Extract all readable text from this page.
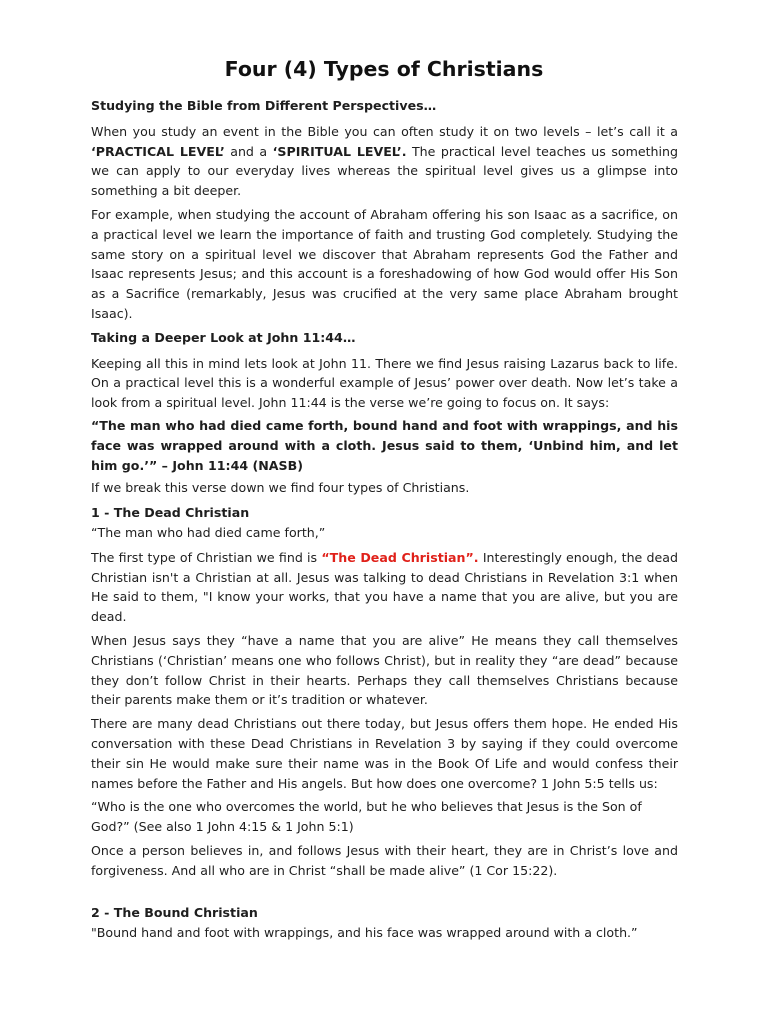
Four (4) Types of Christians

Studying the Bible from Different Perspectives…

When you study an event in the Bible you can often study it on two levels – let’s call it a ‘PRACTICAL LEVEL’ and a ‘SPIRITUAL LEVEL’. The practical level teaches us something we can apply to our everyday lives whereas the spiritual level gives us a glimpse into something a bit deeper.

For example, when studying the account of Abraham offering his son Isaac as a sacrifice, on a practical level we learn the importance of faith and trusting God completely. Studying the same story on a spiritual level we discover that Abraham represents God the Father and Isaac represents Jesus; and this account is a foreshadowing of how God would offer His Son as a Sacrifice (remarkably, Jesus was crucified at the very same place Abraham brought Isaac).

Taking a Deeper Look at John 11:44…

Keeping all this in mind lets look at John 11. There we find Jesus raising Lazarus back to life. On a practical level this is a wonderful example of Jesus’ power over death. Now let’s take a look from a spiritual level. John 11:44 is the verse we’re going to focus on. It says:

“The man who had died came forth, bound hand and foot with wrappings, and his face was wrapped around with a cloth. Jesus said to them, ‘Unbind him, and let him go.’” – John 11:44 (NASB)

If we break this verse down we find four types of Christians.

1 - The Dead Christian

“The man who had died came forth,”

The first type of Christian we find is “The Dead Christian”. Interestingly enough, the dead Christian isn't a Christian at all. Jesus was talking to dead Christians in Revelation 3:1 when He said to them, "I know your works, that you have a name that you are alive, but you are dead.

When Jesus says they “have a name that you are alive” He means they call themselves Christians (‘Christian’ means one who follows Christ), but in reality they “are dead” because they don’t follow Christ in their hearts. Perhaps they call themselves Christians because their parents make them or it’s tradition or whatever.

There are many dead Christians out there today, but Jesus offers them hope. He ended His conversation with these Dead Christians in Revelation 3 by saying if they could overcome their sin He would make sure their name was in the Book Of Life and would confess their names before the Father and His angels. But how does one overcome? 1 John 5:5 tells us:

“Who is the one who overcomes the world, but he who believes that Jesus is the Son of God?” (See also 1 John 4:15 & 1 John 5:1)

Once a person believes in, and follows Jesus with their heart, they are in Christ’s love and forgiveness. And all who are in Christ “shall be made alive” (1 Cor 15:22).

2 - The Bound Christian

"Bound hand and foot with wrappings, and his face was wrapped around with a cloth.”
